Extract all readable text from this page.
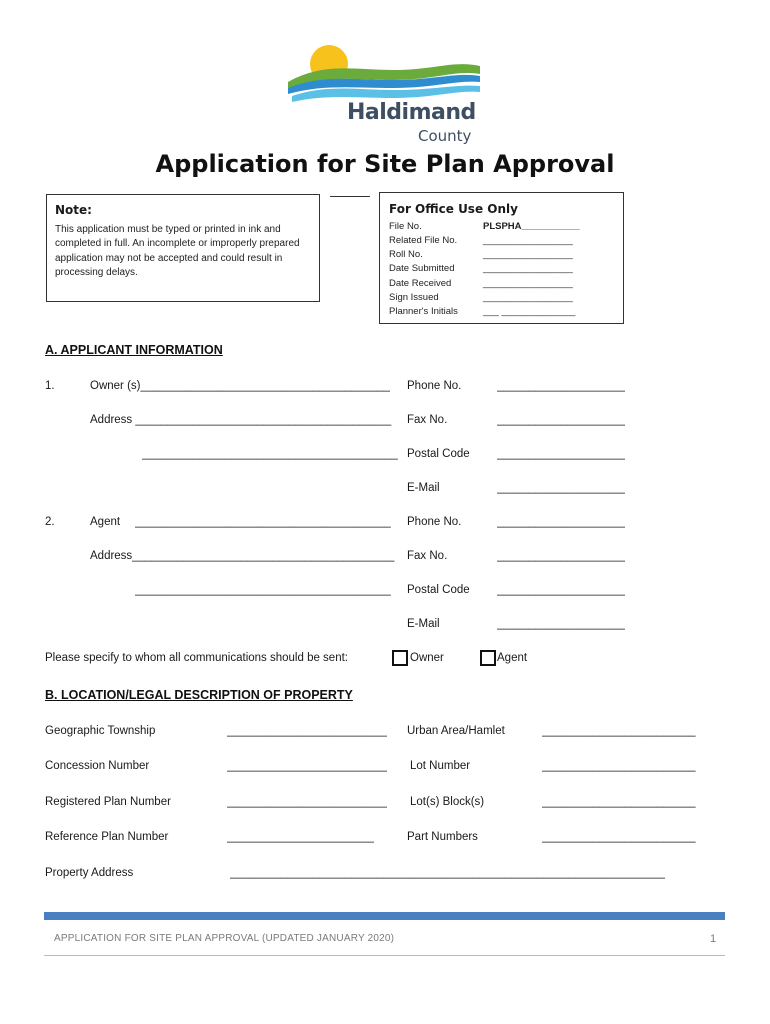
Haldimand
County
Application for Site Plan Approval
Note:
This application must be typed or printed in ink and completed in full. An incomplete or improperly prepared application may not be accepted and could result in processing delays.
For Office Use Only
File No.	PLSPHA___________
Related File No.	_________________
Roll No.	_________________
Date Submitted	_________________
Date Received	_________________
Sign Issued	_________________
Planner's Initials	___ ______________
A. APPLICANT INFORMATION
1.	Owner (s)_______________________________________ Phone No.	____________________
Address ________________________________________ Fax No.	____________________
________________________________________ Postal Code ____________________
E-Mail	____________________
2.	Agent ________________________________________ Phone No.	____________________
Address_________________________________________ Fax No.	____________________
________________________________________ Postal Code ____________________
E-Mail	____________________
Please specify to whom all communications should be sent:	Owner	Agent
B. LOCATION/LEGAL DESCRIPTION OF PROPERTY
Geographic Township	_________________________ Urban Area/Hamlet	________________________
Concession Number	_________________________ Lot Number	________________________
Registered Plan Number	_________________________ Lot(s) Block(s)	________________________
Reference Plan Number	_______________________	Part Numbers	________________________
Property Address	____________________________________________________________________
APPLICATION FOR SITE PLAN APPROVAL (UPDATED JANUARY 2020)	1
